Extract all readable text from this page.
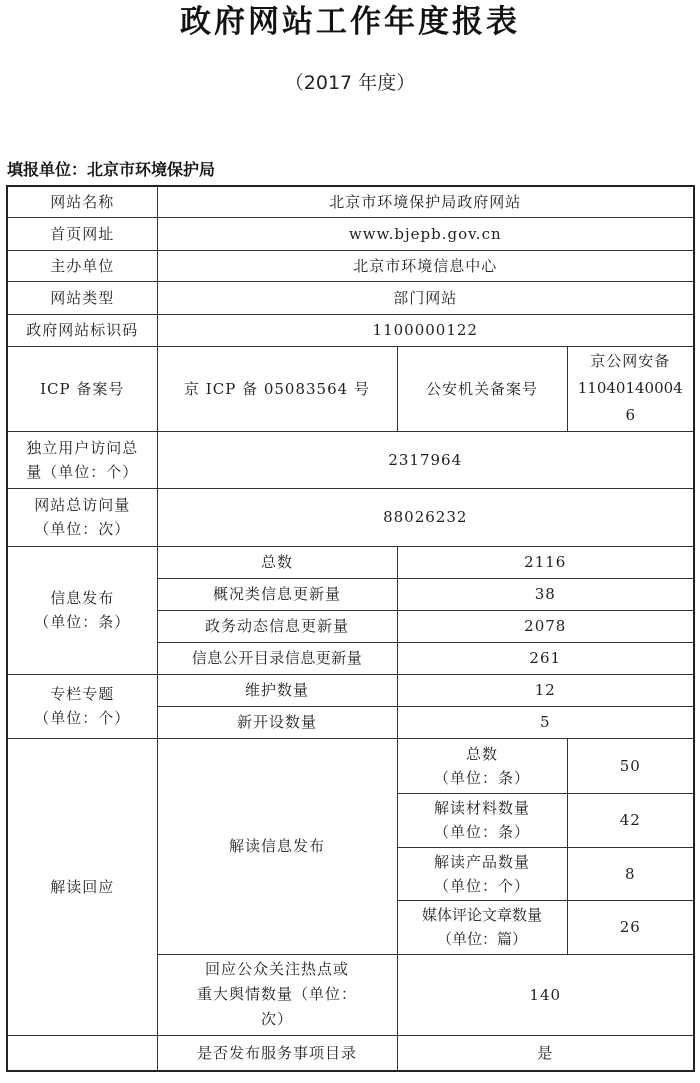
政府网站工作年度报表
（2017 年度）
填报单位：北京市环境保护局
网站名称	北京市环境保护局政府网站		
首页网址	www.bjepb.gov.cn		
主办单位	北京市环境信息中心		
网站类型	部门网站		
政府网站标识码	1100000122		
ICP 备案号	京 ICP 备 05083564 号	公安机关备案号	京公网安备
11040140004
6

独立用户访问总
量（单位：个）	2317964		

网站总访问量
（单位：次）	88026232		

信息发布
（单位：条）	总数	2116	
	概况类信息更新量	38	
	政务动态信息更新量	2078	
	信息公开目录信息更新量	261	

专栏专题
（单位：个）	维护数量	12	
	新开设数量	5	
解读回应	解读信息发布	总数
（单位：条）	50

		解读材料数量
（单位：条）	42

		解读产品数量
（单位：个）	8

		媒体评论文章数量
（单位：篇）	26

	回应公众关注热点或
重大舆情数量（单位：
次）	140	
	是否发布服务事项目录	是	
